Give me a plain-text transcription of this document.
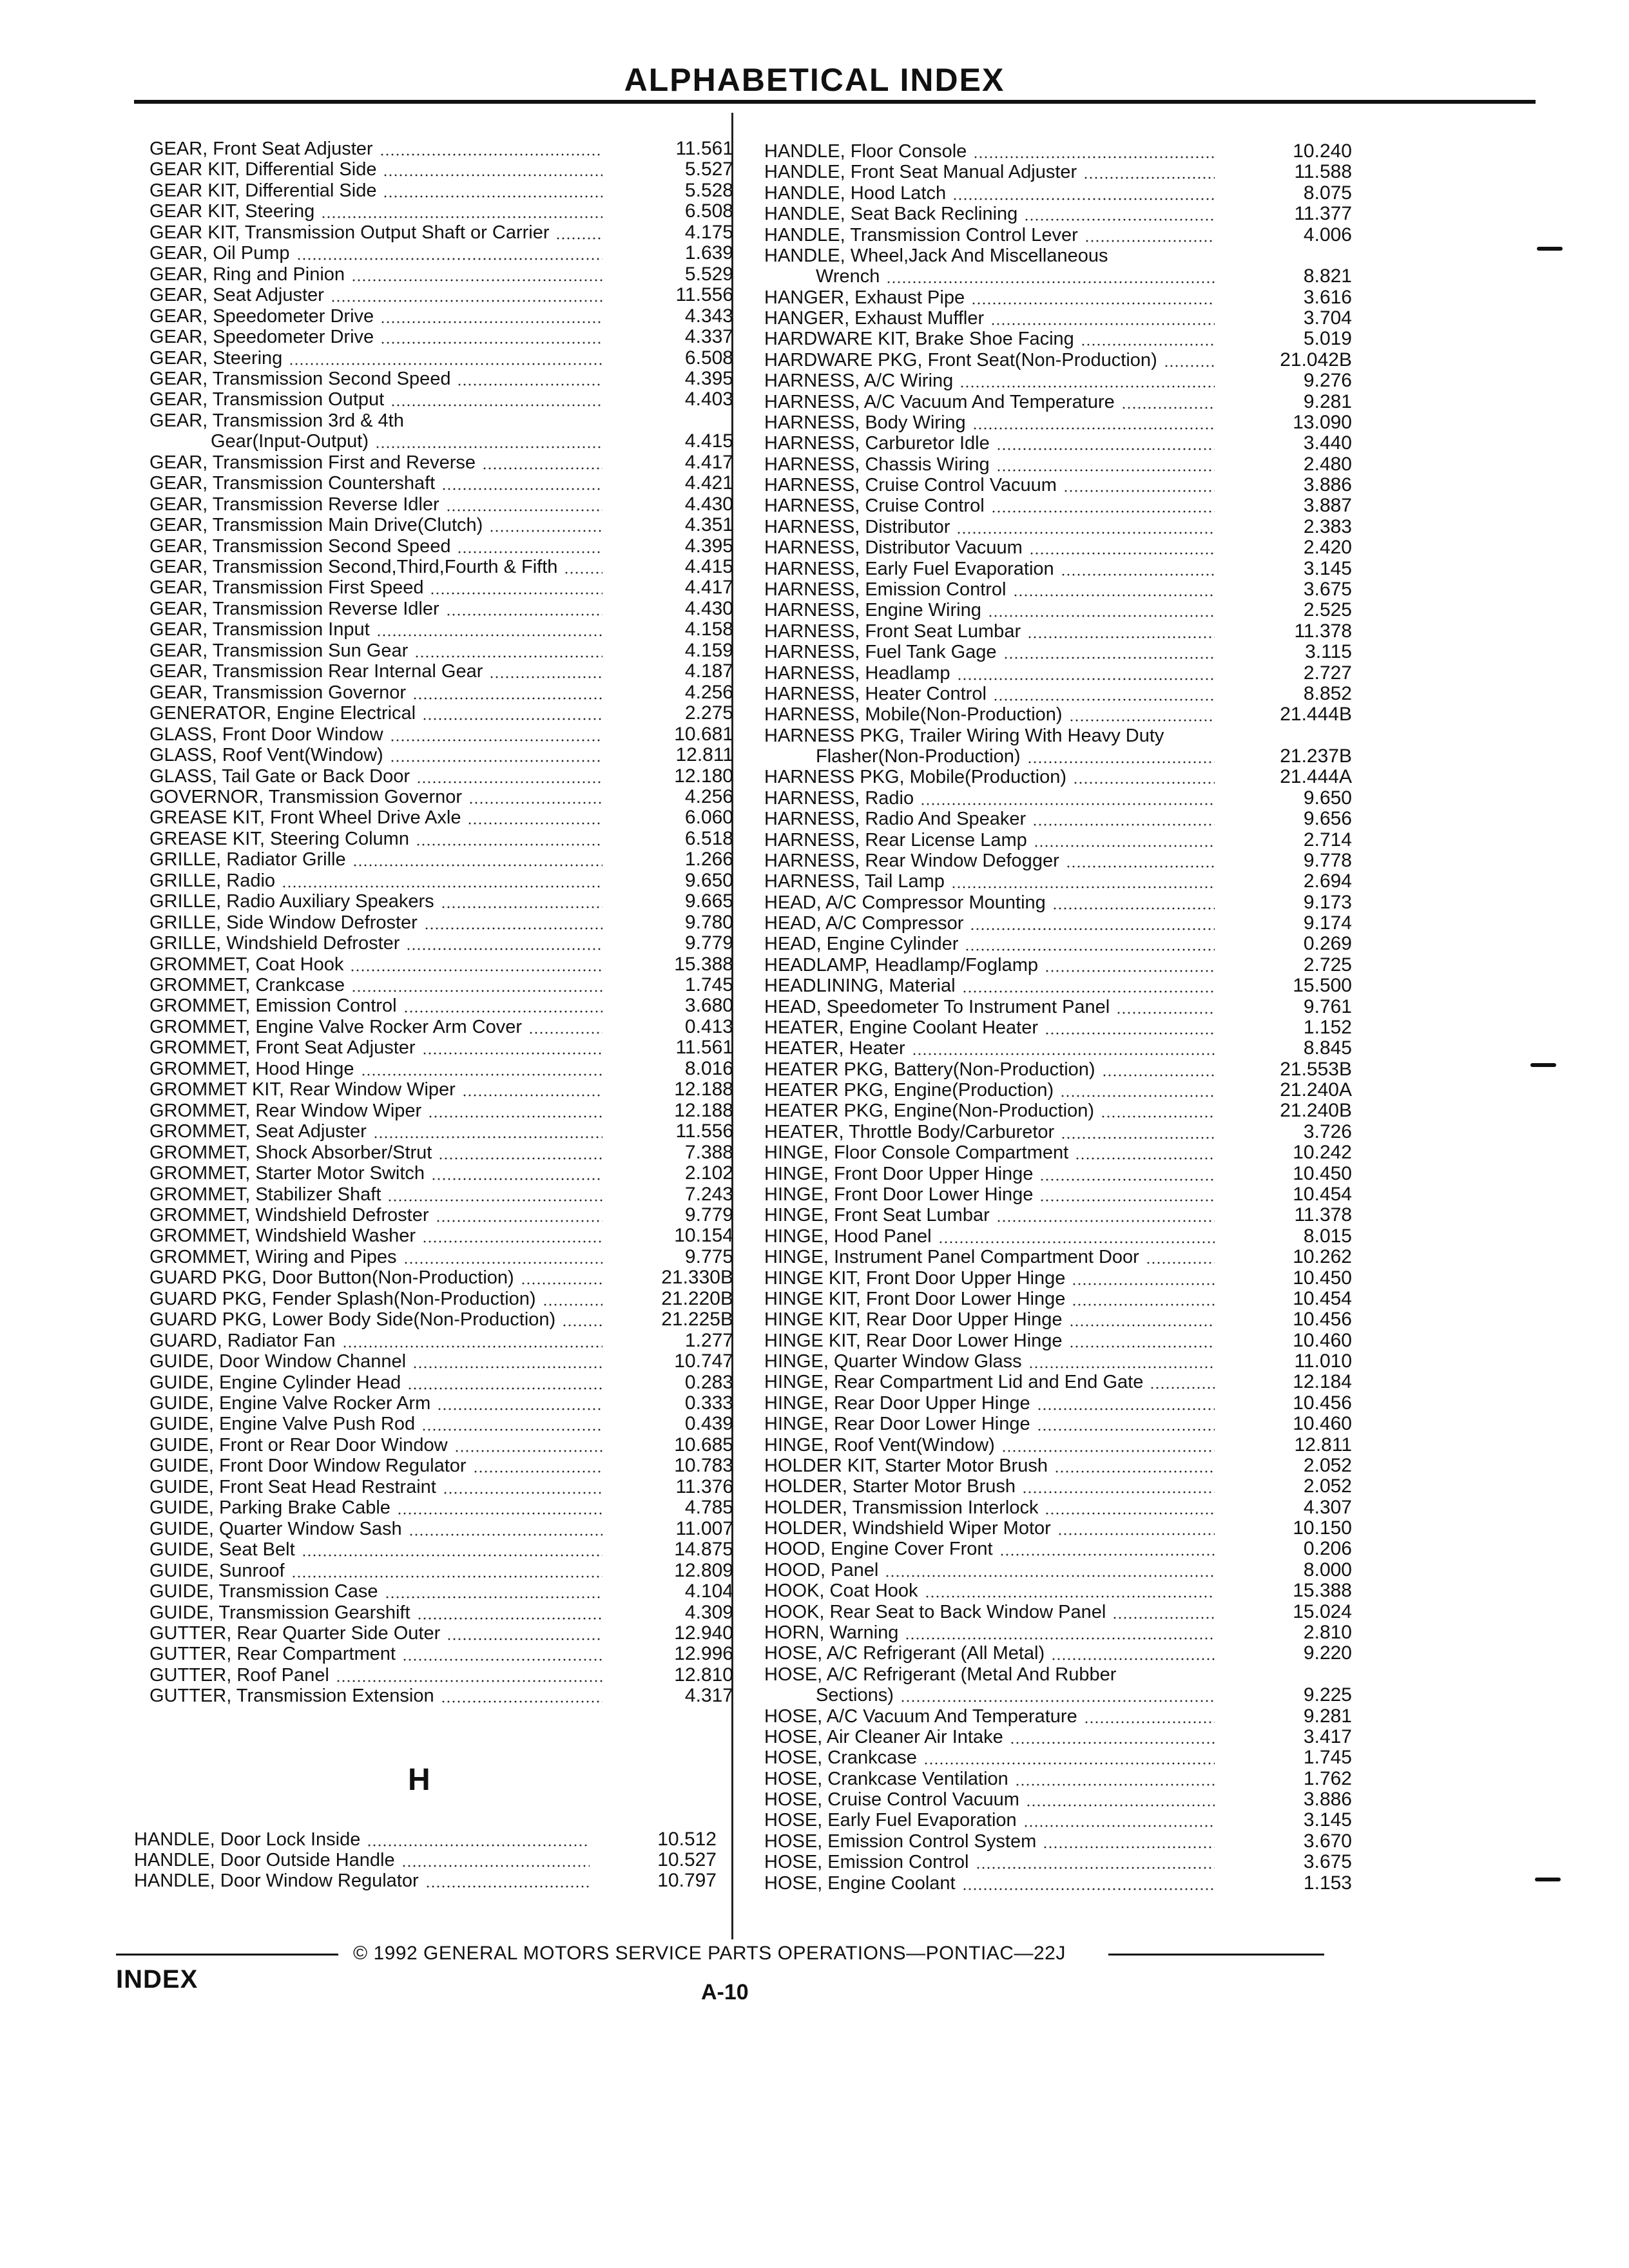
ALPHABETICAL INDEX
GEAR, Front Seat Adjuster	11.561
GEAR KIT, Differential Side	5.527
GEAR KIT, Differential Side	5.528
GEAR KIT, Steering	6.508
GEAR KIT, Transmission Output Shaft or Carrier	4.175
GEAR, Oil Pump	1.639
GEAR, Ring and Pinion	5.529
GEAR, Seat Adjuster	11.556
GEAR, Speedometer Drive	4.343
GEAR, Speedometer Drive	4.337
GEAR, Steering	6.508
GEAR, Transmission Second Speed	4.395
GEAR, Transmission Output	4.403
GEAR, Transmission 3rd & 4th
Gear(Input-Output)	4.415
GEAR, Transmission First and Reverse	4.417
GEAR, Transmission Countershaft	4.421
GEAR, Transmission Reverse Idler	4.430
GEAR, Transmission Main Drive(Clutch)	4.351
GEAR, Transmission Second Speed	4.395
GEAR, Transmission Second,Third,Fourth & Fifth	4.415
GEAR, Transmission First Speed	4.417
GEAR, Transmission Reverse Idler	4.430
GEAR, Transmission Input	4.158
GEAR, Transmission Sun Gear	4.159
GEAR, Transmission Rear Internal Gear	4.187
GEAR, Transmission Governor	4.256
GENERATOR, Engine Electrical	2.275
GLASS, Front Door Window	10.681
GLASS, Roof Vent(Window)	12.811
GLASS, Tail Gate or Back Door	12.180
GOVERNOR, Transmission Governor	4.256
GREASE KIT, Front Wheel Drive Axle	6.060
GREASE KIT, Steering Column	6.518
GRILLE, Radiator Grille	1.266
GRILLE, Radio	9.650
GRILLE, Radio Auxiliary Speakers	9.665
GRILLE, Side Window Defroster	9.780
GRILLE, Windshield Defroster	9.779
GROMMET, Coat Hook	15.388
GROMMET, Crankcase	1.745
GROMMET, Emission Control	3.680
GROMMET, Engine Valve Rocker Arm Cover	0.413
GROMMET, Front Seat Adjuster	11.561
GROMMET, Hood Hinge	8.016
GROMMET KIT, Rear Window Wiper	12.188
GROMMET, Rear Window Wiper	12.188
GROMMET, Seat Adjuster	11.556
GROMMET, Shock Absorber/Strut	7.388
GROMMET, Starter Motor Switch	2.102
GROMMET, Stabilizer Shaft	7.243
GROMMET, Windshield Defroster	9.779
GROMMET, Windshield Washer	10.154
GROMMET, Wiring and Pipes	9.775
GUARD PKG, Door Button(Non-Production)	21.330B
GUARD PKG, Fender Splash(Non-Production)	21.220B
GUARD PKG, Lower Body Side(Non-Production)	21.225B
GUARD, Radiator Fan	1.277
GUIDE, Door Window Channel	10.747
GUIDE, Engine Cylinder Head	0.283
GUIDE, Engine Valve Rocker Arm	0.333
GUIDE, Engine Valve Push Rod	0.439
GUIDE, Front or Rear Door Window	10.685
GUIDE, Front Door Window Regulator	10.783
GUIDE, Front Seat Head Restraint	11.376
GUIDE, Parking Brake Cable	4.785
GUIDE, Quarter Window Sash	11.007
GUIDE, Seat Belt	14.875
GUIDE, Sunroof	12.809
GUIDE, Transmission Case	4.104
GUIDE, Transmission Gearshift	4.309
GUTTER, Rear Quarter Side Outer	12.940
GUTTER, Rear Compartment	12.996
GUTTER, Roof Panel	12.810
GUTTER, Transmission Extension	4.317
H
HANDLE, Door Lock Inside	10.512
HANDLE, Door Outside Handle	10.527
HANDLE, Door Window Regulator	10.797
HANDLE, Floor Console	10.240
HANDLE, Front Seat Manual Adjuster	11.588
HANDLE, Hood Latch	8.075
HANDLE, Seat Back Reclining	11.377
HANDLE, Transmission Control Lever	4.006
HANDLE, Wheel,Jack And Miscellaneous
Wrench	8.821
HANGER, Exhaust Pipe	3.616
HANGER, Exhaust Muffler	3.704
HARDWARE KIT, Brake Shoe Facing	5.019
HARDWARE PKG, Front Seat(Non-Production)	21.042B
HARNESS, A/C Wiring	9.276
HARNESS, A/C Vacuum And Temperature	9.281
HARNESS, Body Wiring	13.090
HARNESS, Carburetor Idle	3.440
HARNESS, Chassis Wiring	2.480
HARNESS, Cruise Control Vacuum	3.886
HARNESS, Cruise Control	3.887
HARNESS, Distributor	2.383
HARNESS, Distributor Vacuum	2.420
HARNESS, Early Fuel Evaporation	3.145
HARNESS, Emission Control	3.675
HARNESS, Engine Wiring	2.525
HARNESS, Front Seat Lumbar	11.378
HARNESS, Fuel Tank Gage	3.115
HARNESS, Headlamp	2.727
HARNESS, Heater Control	8.852
HARNESS, Mobile(Non-Production)	21.444B
HARNESS PKG, Trailer Wiring With Heavy Duty
Flasher(Non-Production)	21.237B
HARNESS PKG, Mobile(Production)	21.444A
HARNESS, Radio	9.650
HARNESS, Radio And Speaker	9.656
HARNESS, Rear License Lamp	2.714
HARNESS, Rear Window Defogger	9.778
HARNESS, Tail Lamp	2.694
HEAD, A/C Compressor Mounting	9.173
HEAD, A/C Compressor	9.174
HEAD, Engine Cylinder	0.269
HEADLAMP, Headlamp/Foglamp	2.725
HEADLINING, Material	15.500
HEAD, Speedometer To Instrument Panel	9.761
HEATER, Engine Coolant Heater	1.152
HEATER, Heater	8.845
HEATER PKG, Battery(Non-Production)	21.553B
HEATER PKG, Engine(Production)	21.240A
HEATER PKG, Engine(Non-Production)	21.240B
HEATER, Throttle Body/Carburetor	3.726
HINGE, Floor Console Compartment	10.242
HINGE, Front Door Upper Hinge	10.450
HINGE, Front Door Lower Hinge	10.454
HINGE, Front Seat Lumbar	11.378
HINGE, Hood Panel	8.015
HINGE, Instrument Panel Compartment Door	10.262
HINGE KIT, Front Door Upper Hinge	10.450
HINGE KIT, Front Door Lower Hinge	10.454
HINGE KIT, Rear Door Upper Hinge	10.456
HINGE KIT, Rear Door Lower Hinge	10.460
HINGE, Quarter Window Glass	11.010
HINGE, Rear Compartment Lid and End Gate	12.184
HINGE, Rear Door Upper Hinge	10.456
HINGE, Rear Door Lower Hinge	10.460
HINGE, Roof Vent(Window)	12.811
HOLDER KIT, Starter Motor Brush	2.052
HOLDER, Starter Motor Brush	2.052
HOLDER, Transmission Interlock	4.307
HOLDER, Windshield Wiper Motor	10.150
HOOD, Engine Cover Front	0.206
HOOD, Panel	8.000
HOOK, Coat Hook	15.388
HOOK, Rear Seat to Back Window Panel	15.024
HORN, Warning	2.810
HOSE, A/C Refrigerant (All Metal)	9.220
HOSE, A/C Refrigerant (Metal And Rubber
Sections)	9.225
HOSE, A/C Vacuum And Temperature	9.281
HOSE, Air Cleaner Air Intake	3.417
HOSE, Crankcase	1.745
HOSE, Crankcase Ventilation	1.762
HOSE, Cruise Control Vacuum	3.886
HOSE, Early Fuel Evaporation	3.145
HOSE, Emission Control System	3.670
HOSE, Emission Control	3.675
HOSE, Engine Coolant	1.153
© 1992 GENERAL MOTORS SERVICE PARTS OPERATIONS—PONTIAC—22J
INDEX	A-10
